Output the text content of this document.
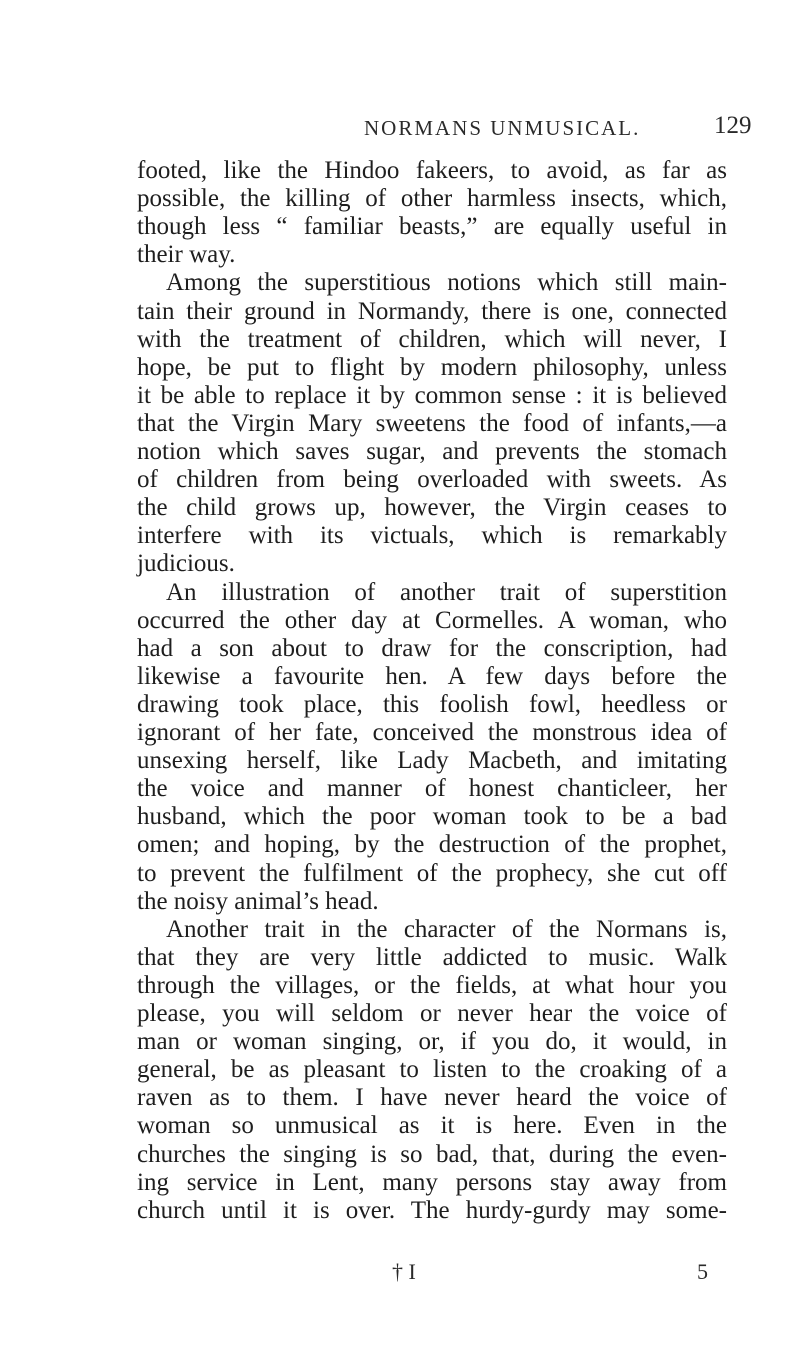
NORMANS UNMUSICAL.	129
footed, like the Hindoo fakeers, to avoid, as far as
possible, the killing of other harmless insects, which,
though less “ familiar beasts,” are equally useful in
their way.
Among the superstitious notions which still main-
tain their ground in Normandy, there is one, connected
with the treatment of children, which will never, I
hope, be put to flight by modern philosophy, unless
it be able to replace it by common sense : it is believed
that the Virgin Mary sweetens the food of infants,—a
notion which saves sugar, and prevents the stomach
of children from being overloaded with sweets. As
the child grows up, however, the Virgin ceases to
interfere with its victuals, which is remarkably
judicious.
An illustration of another trait of superstition
occurred the other day at Cormelles. A woman, who
had a son about to draw for the conscription, had
likewise a favourite hen. A few days before the
drawing took place, this foolish fowl, heedless or
ignorant of her fate, conceived the monstrous idea of
unsexing herself, like Lady Macbeth, and imitating
the voice and manner of honest chanticleer, her
husband, which the poor woman took to be a bad
omen; and hoping, by the destruction of the prophet,
to prevent the fulfilment of the prophecy, she cut off
the noisy animal’s head.
Another trait in the character of the Normans is,
that they are very little addicted to music. Walk
through the villages, or the fields, at what hour you
please, you will seldom or never hear the voice of
man or woman singing, or, if you do, it would, in
general, be as pleasant to listen to the croaking of a
raven as to them. I have never heard the voice of
woman so unmusical as it is here. Even in the
churches the singing is so bad, that, during the even-
ing service in Lent, many persons stay away from
church until it is over. The hurdy-gurdy may some-
† I	5
